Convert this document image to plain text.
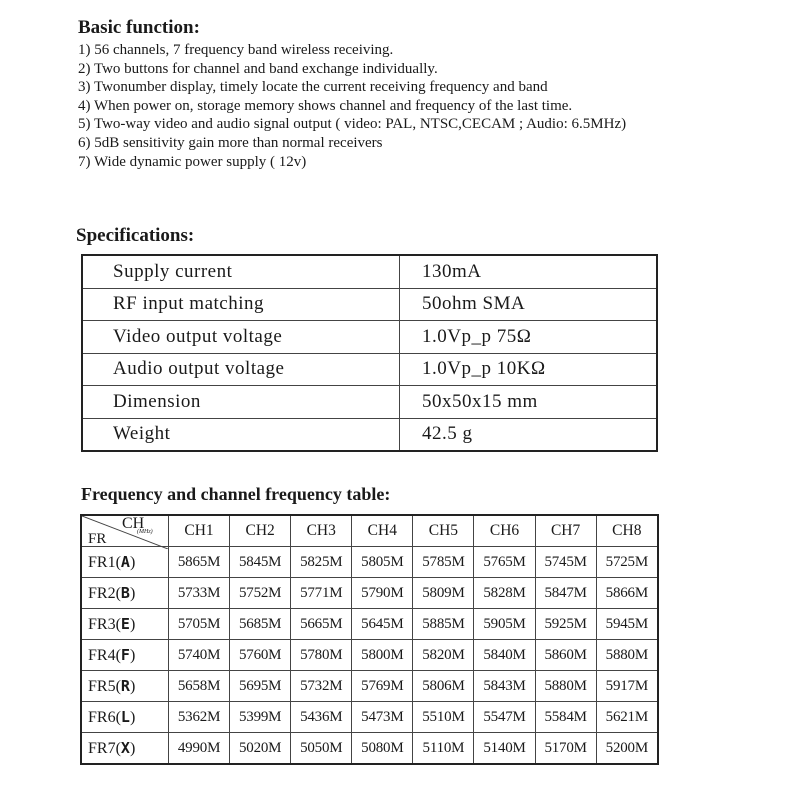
Basic function:
1) 56 channels, 7 frequency band wireless receiving.
2) Two buttons for channel and band exchange individually.
3) Twonumber display, timely locate the current receiving frequency and band
4) When power on, storage memory shows channel and frequency of the last time.
5) Two-way video and audio signal output ( video: PAL, NTSC,CECAM ; Audio: 6.5MHz)
6) 5dB sensitivity gain more than normal receivers
7) Wide dynamic power supply ( 12v)
Specifications:
Supply current	130mA
RF input matching	50ohm SMA
Video output voltage	1.0Vp_p 75Ω
Audio output voltage	1.0Vp_p 10KΩ
Dimension	50x50x15 mm
Weight	42.5 g
Frequency and channel frequency table:
CH
(MHz)
FR	CH1	CH2	CH3	CH4	CH5	CH6	CH7	CH8
FR1(A)	5865M	5845M	5825M	5805M	5785M	5765M	5745M	5725M
FR2(B)	5733M	5752M	5771M	5790M	5809M	5828M	5847M	5866M
FR3(E)	5705M	5685M	5665M	5645M	5885M	5905M	5925M	5945M
FR4(F)	5740M	5760M	5780M	5800M	5820M	5840M	5860M	5880M
FR5(R)	5658M	5695M	5732M	5769M	5806M	5843M	5880M	5917M
FR6(L)	5362M	5399M	5436M	5473M	5510M	5547M	5584M	5621M
FR7(X)	4990M	5020M	5050M	5080M	5110M	5140M	5170M	5200M
